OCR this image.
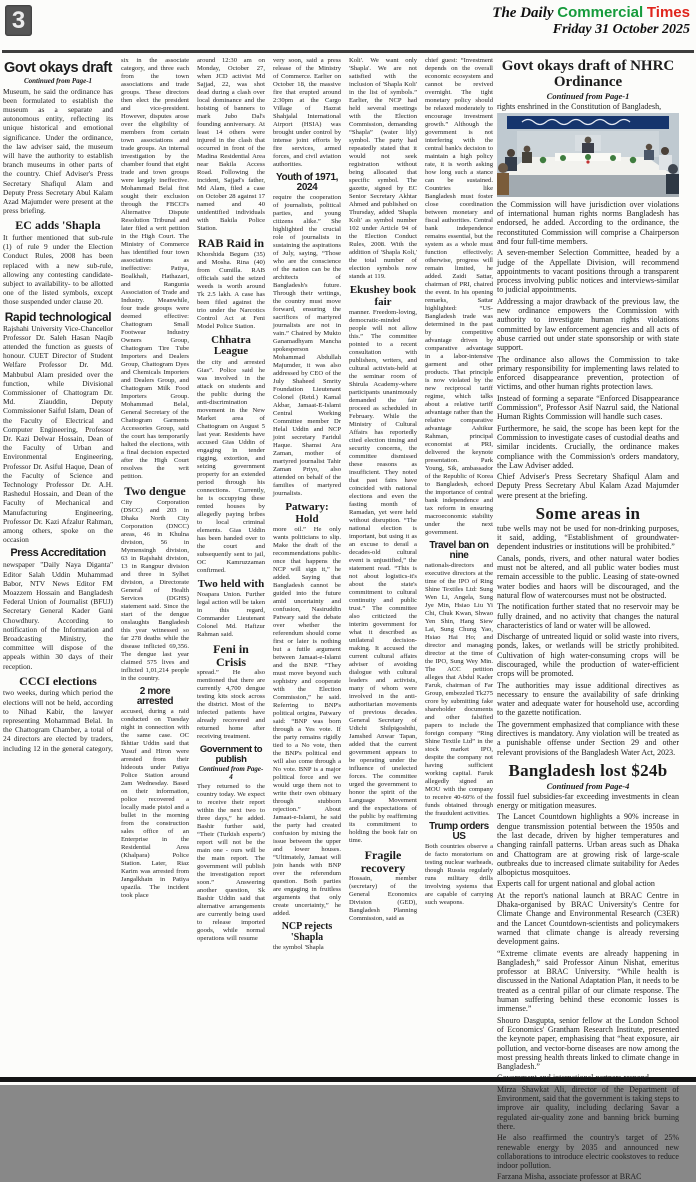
3	The Daily Commercial Times
Friday 31 October 2025
Govt okays draft
Continued from Page-1

Museum, he said the ordinance has been formulated to establish the museum as a separate and autonomous entity, reflecting its unique historical and emotional significance. Under the ordinance, the law adviser said, the museum will have the authority to establish branch museums in other parts of the country. Chief Adviser's Press Secretary Shafiqul Alam and Deputy Press Secretary Abul Kalam Azad Majumder were present at the press briefing.

EC adds 'Shapla

It further mentioned that sub-rule (1) of rule 9 under the Election Conduct Rules, 2008 has been replaced with a new sub-rule, allowing any contesting candidate- subject to availability- to be allotted one of the listed symbols, except those suspended under clause 20.

Rapid technological

Rajshahi University Vice-Chancellor Professor Dr. Saleh Hasan Naqib attended the function as guests of honour. CUET Director of Student Welfare Professor Dr. Md. Mahbubul Alam presided over the function, while Divisional Commissioner of Chattogram Dr. Md. Ziauddin, Deputy Commissioner Saiful Islam, Dean of the Faculty of Electrical and Computer Engineering, Professor Dr. Kazi Delwar Hossain, Dean of the Faculty of Urban and Environmental Engineering, Professor Dr. Asiful Haque, Dean of the Faculty of Science and Technology Professor Dr. A.H. Rashedul Hossain, and Dean of the Faculty of Mechanical and Manufacturing Engineering, Professor Dr. Kazi Afzalur Rahman, among others, spoke on the occasion

Press Accreditation

newspaper "Daily Naya Diganta" Editor Salah Uddin Muhammad Babor, NTV News Editor FM Moazzem Hossain and Bangladesh Federal Union of Journalist (BFUJ) Secretary General Kader Gani Chowdhury. According to notification of the Information and Broadcasting Ministry, the committee will dispose of the appeals within 30 days of their reception.

CCCI elections

two weeks, during which period the elections will not be held, according to Nihad Kabir, the lawyer representing Mohammad Belal. In the Chattogram Chamber, a total of 24 directors are elected by traders, including 12 in the general category,

six in the associate category, and three each from the town associations and trade groups. These directors then elect the president and vice-president. However, disputes arose over the eligibility of members from certain town associations and trade groups. An internal investigation by the chamber found that eight trade and town groups were largely ineffective. Mohammad Belal first sought their exclusion through the FBCCI's Alternative Dispute Resolution Tribunal and later filed a writ petition in the High Court. The Ministry of Commerce has identified four town associations as ineffective: Patiya, Boalkhali, Hathazari, and Rangunia Association of Trade and Industry. Meanwhile, four trade groups were deemed effective: Chattogram Small Footwear Industry Owners Group, Chattogram Tire Tube Importers and Dealers Group, Chattogram Dyes and Chemicals Importers and Dealers Group, and Chattogram Milk Food Importers Group. Mohammad Belal, General Secretary of the Chattogram Garments Accessories Group, said the court has temporarily halted the elections, with a final decision expected after the High Court resolves the writ petition.

Two dengue

City Corporation (DSCC) and 203 in Dhaka North City Corporation (DNCC) areas, 46 in Khulna division, 56 in Mymensingh division, 63 in Rajshahi division, 13 in Rangpur division and three in Sylhet division, a Directorate General of Health Services (DGHS) statement said. Since the start of the dengue onslaughts Bangladesh this year witnessed so far 278 deaths while the disease inflicted 69,356. The dengue last year claimed 575 lives and inflicted 1,01,214 people in the country.

2 more arrested

accused, during a raid conducted on Tuesday night in connection with the same case. OC Ikhtiar Uddin said that Yusuf and Hiron were arrested from their hideouts under Patiya Police Station around 2am Wednesday. Based on their information, police recovered a locally made pistol and a bullet in the morning from the construction sales office of an Enterprise in the Residential Area (Khalpara) Police Station. Later, Riaz Karim was arrested from Jangalkhain in Patiya upazila. The incident took place

around 12:30 am on Monday, October 27, when JCD activist Md Sajjad, 22, was shot dead during a clash over local dominance and the hoisting of banners to mark Jubo Dal's founding anniversary. At least 14 others were injured in the clash that occurred in front of the Madina Residential Area near Bakila Access Road. Following the incident, Sajjad's father, Md Alam, filed a case on October 28 against 17 named and 40 unidentified individuals with Bakila Police Station.

RAB Raid in

Khorshida Begum (35) and Mosha. Rina (40) from Cumilla. RAB officials said the seized weeds is worth around Tk 2.5 lakh. A case has been filed against the trio under the Narcotics Control Act at Feni Model Police Station.

Chhatra League

the city and arrested Gias”. Police said he was involved in the attack on students and the public during the anti-discrimination movement in the New Market area of Chattogram on August 5 last year. Residents have accused Gias Uddin of engaging in tender rigging, extortion, and seizing government property for an extended period through his connections. Currently, he is occupying these rented houses by allegedly paying bribes to local criminal elements. Gias Uddin has been handed over to the court and subsequently sent to jail, OC Kamruzzaman confirmed.

Two held with

Noapara Union. Further legal action will be taken in this regard, Commander Lieutenant Colonel Md. Hafizur Rahman said.

Feni in Crisis

spread.” He also mentioned that there are currently 4,700 dengue testing kits stock across the district. Most of the infected patients have already recovered and returned home after receiving treatment.

Government to publish
Continued from Page-4

They returned to the country today. We expect to receive their report within the next two to three days,” he added. Bashir further said, “Their (Turkish experts') report will not be the main one - ours will be the main report. The government will publish the investigation report soon.” Answering another question, Sk Bashir Uddin said that alternative arrangements are currently being used to release imported goods, while normal operations will resume

very soon, said a press release of the Ministry of Commerce. Earlier on October 18, the massive fire that erupted around 2:30pm at the Cargo Village of Hazrat Shahjalal International Airport (HSIA) was brought under control by intense joint efforts by fire services, armed forces, and civil aviation authorities.

Youth of 1971, 2024

require the cooperation of journalists, political parties, and young citizens alike.” She highlighted the crucial role of journalists in sustaining the aspirations of July, saying, “Those who are the conscience of the nation can be the architects of Bangladesh's future. Through their writings, the country must move forward, ensuring the sacrifices of martyred journalists are not in vain.” Chaired by Mukto Ganamadhyam Mancha spokesperson Mohammad Abdullah Majumder, it was also addressed by CEO of the July Shaheed Smrity Foundation Lieutenant Colonel (Retd.) Kamal Akbar, Jamaat-E-Islami Central Working Committee member Dr Helal Uddin and NCP joint secretary Faridul Haque. Shamsi Ara Zaman, mother of martyred journalist Tahir Zaman Priyo, also attended on behalf of the families of martyred journalists.

Patwary: Hold

more oil.” He only wants politicians to slip. Make the draft of the recommendations public-once that happens the NCP will sign it,” he added. Saying that Bangladesh cannot be guided into the future amid uncertainty and confusion, Nasiruddin Patwary said the debate over whether the referendum should come first or later is nothing but a futile argument between Jamaat-e-Islami and the BNP. “They must move beyond such sophistry and cooperate with the Election Commission,” he said. Referring to BNP's political origins, Patwary said: “BNP was born through a Yes vote. If the party remains rigidly tied to a No vote, then the BNP's political end will also come through a No vote. BNP is a major political force and we would urge them not to write their own obituary through stubborn rejection.” About Jamaat-e-Islami, he said the party had created confusion by mixing the issue between the upper and lower houses. “Ultimately, Jamaat will join hands with BNP over the referendum question. Both parties are engaging in fruitless arguments that only create uncertainty,” he added.

NCP rejects 'Shapla

the symbol 'Shapla

Koli'. We want only 'Shapla'. We are not satisfied with the inclusion of 'Shapla Koli' in the list of symbols.” Earlier, the NCP had held several meetings with the Election Commission, demanding “Shapla” (water lily) symbol. The party had repeatedly stated that it would not seek registration without being allocated that specific symbol. The gazette, signed by EC Senior Secretary Akhtar Ahmed and published on Thursday, added 'Shapla Koli' as symbol number 102 under Article 94 of the Election Conduct Rules, 2008. With the addition of 'Shapla Koli,' the total number of election symbols now stands at 119.

Ekushey book fair

manner. Freedom-loving, democratic-minded people will not allow this.” The committee pointed to a recent consultation with publishers, writers, and cultural activists-held at the seminar room of Shirula Academy-where participants unanimously demanded the fair proceed as scheduled in February. While the Ministry of Cultural Affairs has reportedly cited election timing and security concerns, the committee dismissed these reasons as insufficient. They noted that past fairs have coincided with national elections and even the fasting month of Ramadan, yet were held without disruption. “The national election is important, but using it as an excuse to derail a decades-old cultural event is unjustified,” the statement read. “This is not about logistics-it's about the state's commitment to cultural continuity and public trust.” The committee also criticized the interim government for what it described as unilateral decision-making. It accused the current cultural affairs adviser of avoiding dialogue with cultural leaders and activists, many of whom were involved in the anti-authoritarian movements of previous decades. General Secretary of Udichi Shilpigoshthi, Jamshed Anwar Tapan, added that the current government appears to be operating under the influence of unelected forces. The committee urged the government to honor the spirit of the Language Movement and the expectations of the public by reaffirming its commitment to holding the book fair on time.

Fragile recovery

Hossain, member (secretary) of the General Economics Division (GED), Bangladesh Planning Commission, said as

chief guest: “Investment depends on the overall economic ecosystem and cannot be revived overnight. The tight monetary policy should be relaxed moderately to encourage investment growth.” Although the government is not interfering with the central bank's decision to maintain a high policy rate, it is worth asking how long such a stance can be sustained. Countries like Bangladesh must foster close coordination between monetary and fiscal authorities. Central bank independence remains essential, but the system as a whole must function effectively; otherwise, progress will remain limited, he added. Zaidi Sattar, chairman of PRI, chaired the event. In his opening remarks, Sattar highlighted: “US-Bangladesh trade was determined in the past by competitive advantage driven by comparative advantage in a labor-intensive garment and other products. That principle is now violated by the new reciprocal tariff regime, which talks about a relative tariff advantage rather than the relative comparative advantage Ashikur Rahman, principal economist at PRI, delivered the keynote presentation. Park Young, Sik, ambassador of the Republic of Korea to Bangladesh, echoed the importance of central bank independence and tax reform in ensuring macroeconomic stability under the next government.

Travel ban on nine

nationals-directors and executive directors at the time of the IPO of Ring Shine Textiles Ltd: Sung Wen Li, Angela, Sung Jye Min, Hsiao Liu Yi Chi, Chuk Kwan, Shwao Yen Shin, Hang Siew Lai, Sung Chung Yao, Hsiao Hai Ho; and director and managing director at the time of the IPO, Sung Wey Min. The ACC petition alleges that Abdul Kader Faruk, chairman of Far Group, embezzled Tk275 crore by submitting fake shareholder documents and other falsified papers to include the foreign company “Ring Shine Textile Ltd” in the stock market IPO, despite the company not having sufficient working capital. Faruk allegedly signed an MOU with the company to receive 40-60% of the funds obtained through the fraudulent activities.

Trump orders US

Both countries observe a de facto moratorium on testing nuclear warheads, though Russia regularly runs military drills involving systems that are capable of carrying such weapons.

Govt okays draft of NHRC Ordinance
Continued from Page-1

rights enshrined in the Constitution of Bangladesh,

the Commission will have jurisdiction over violations of international human rights norms Bangladesh has endorsed, he added. According to the ordinance, the reconstituted Commission will comprise a Chairperson and four full-time members.

A seven-member Selection Committee, headed by a judge of the Appellate Division, will recommend appointments to vacant positions through a transparent process involving public notices and interviews-similar to judicial appointments.

Addressing a major drawback of the previous law, the new ordinance empowers the Commission with authority to investigate human rights violations committed by law enforcement agencies and all acts of abuse carried out under state sponsorship or with state support.

The ordinance also allows the Commission to take primary responsibility for implementing laws related to enforced disappearance prevention, protection of victims, and other human rights protection laws.

Instead of forming a separate “Enforced Disappearance Commission”, Professor Asif Nazrul said, the National Human Rights Commission will handle such cases.

Furthermore, he said, the scope has been kept for the Commission to investigate cases of custodial deaths and similar incidents. Crucially, the ordinance makes compliance with the Commission's orders mandatory, the Law Adviser added.

Chief Adviser's Press Secretary Shafiqul Alam and Deputy Press Secretary Abul Kalam Azad Majumder were present at the briefing.

Some areas in

tube wells may not be used for non-drinking purposes, it said, adding, “Establishment of groundwater-dependent industries or institutions will be prohibited.”

Canals, ponds, rivers, and other natural water bodies must not be altered, and all public water bodies must remain accessible to the public. Leasing of state-owned water bodies and haors will be discouraged, and the natural flow of watercourses must not be obstructed.

The notification further stated that no reservoir may be fully drained, and no activity that changes the natural characteristics of land or water will be allowed.

Discharge of untreated liquid or solid waste into rivers, ponds, lakes, or wetlands will be strictly prohibited. Cultivation of high water-consuming crops will be discouraged, while the production of water-efficient crops will be promoted.

The authorities may issue additional directives as necessary to ensure the availability of safe drinking water and adequate water for household use, according to the gazette notification.

The government emphasized that compliance with these directives is mandatory. Any violation will be treated as a punishable offense under Section 29 and other relevant provisions of the Bangladesh Water Act, 2023.

Bangladesh lost $24b
Continued from Page-4

fossil fuel subsidies-far exceeding investments in clean energy or mitigation measures.

The Lancet Countdown highlights a 90% increase in dengue transmission potential between the 1950s and the last decade, driven by higher temperatures and changing rainfall patterns. Urban areas such as Dhaka and Chattogram are at growing risk of large-scale outbreaks due to increased climate suitability for Aedes albopictus mosquitoes.

Experts call for urgent national and global action

At the report's national launch at BRAC Centre in Dhaka-organised by BRAC University's Centre for Climate Change and Environmental Research (C3ER) and the Lancet Countdown-scientists and policymakers warned that climate change is already reversing development gains.

“Extreme climate events are already happening in Bangladesh,” said Professor Ainun Nishat, emeritus professor at BRAC University. “While health is discussed in the National Adaptation Plan, it needs to be treated as a central pillar of our climate response. The human suffering behind these economic losses is immense.”

Shouro Dasgupta, senior fellow at the London School of Economics' Grantham Research Institute, presented the keynote paper, emphasising that “heat exposure, air pollution, and vector-borne diseases are now among the most pressing health threats linked to climate change in Bangladesh.”

Mirza Shawkat Ali, director of the Department of Environment, said that the government is taking steps to improve air quality, including declaring Savar a regulated air-quality zone and banning brick burning there.

He also reaffirmed the country's target of 25% renewable energy by 2035 and announced new collaborations to introduce electric cookstoves to reduce indoor pollution.

Farzana Misha, associate professor at BRAC
